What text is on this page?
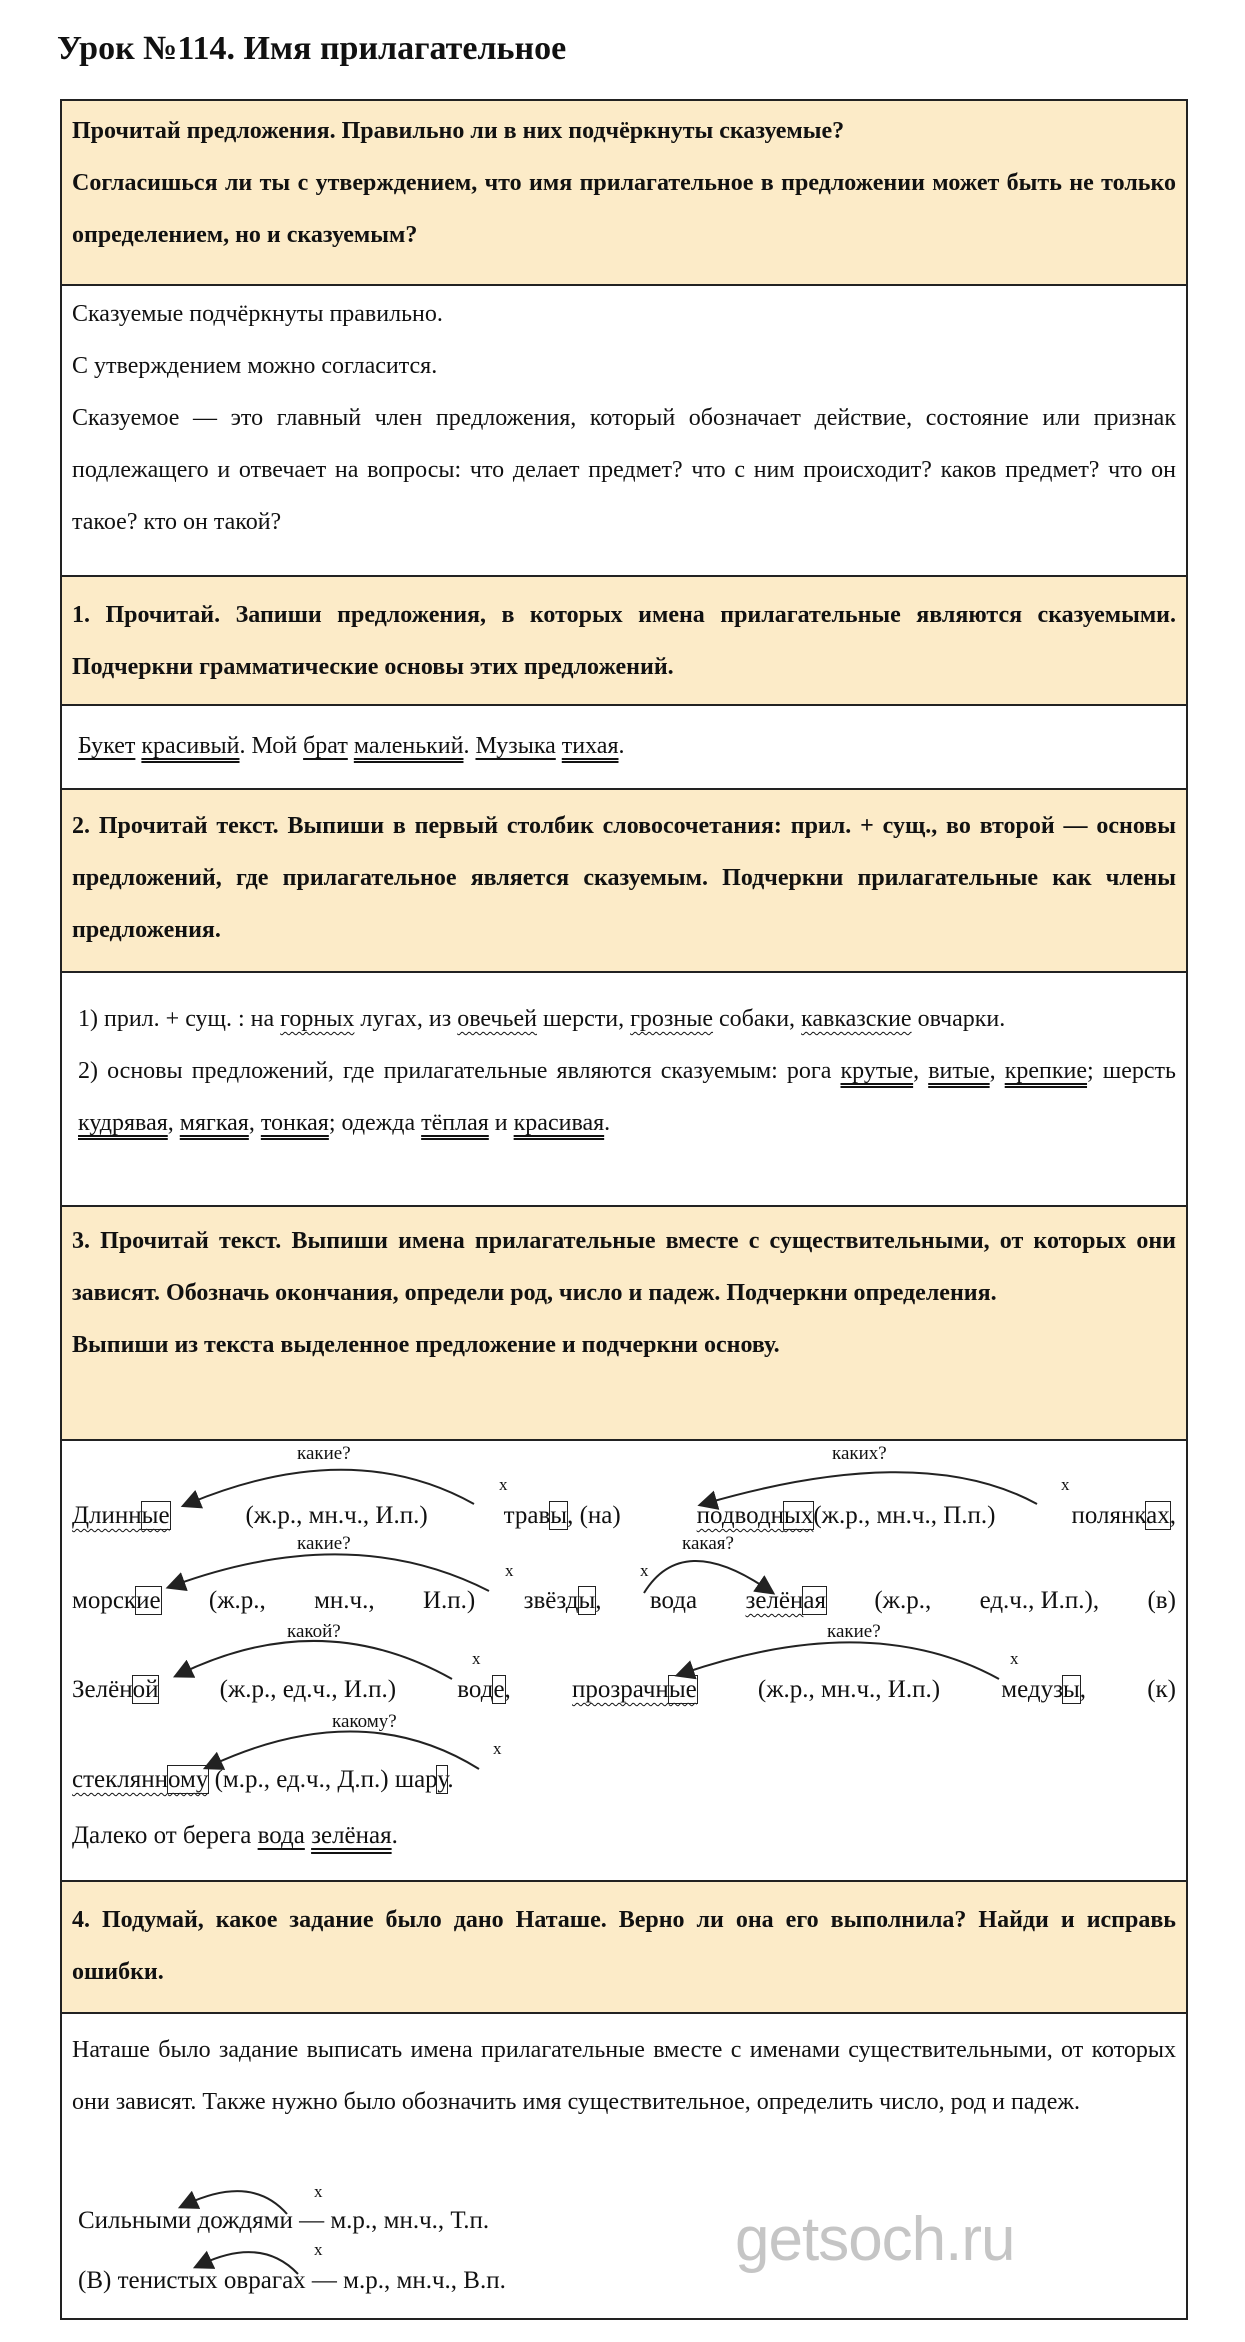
Урок №114. Имя прилагательное

Прочитай предложения. Правильно ли в них подчёркнуты сказуемые?

Согласишься ли ты с утверждением, что имя прилагательное в предложении может быть не только определением, но и сказуемым?

Сказуемые подчёркнуты правильно.

С утверждением можно согласится.

Сказуемое — это главный член предложения, который обозначает действие, состояние или признак подлежащего и отвечает на вопросы: что делает предмет? что с ним происходит? каков предмет? что он такое? кто он такой?

1. Прочитай. Запиши предложения, в которых имена прилагательные являются сказуемыми. Подчеркни грамматические основы этих предложений.

Букет красивый. Мой брат маленький. Музыка тихая.

2. Прочитай текст. Выпиши в первый столбик словосочетания: прил. + сущ., во второй — основы предложений, где прилагательное является сказуемым. Подчеркни прилагательные как члены предложения.

1) прил. + сущ. : на горных лугах, из овечьей шерсти, грозные собаки, кавказские овчарки.

2) основы предложений, где прилагательные являются сказуемым: рога крутые, витые, крепкие; шерсть кудрявая, мягкая, тонкая; одежда тёплая и красивая.

3. Прочитай текст. Выпиши имена прилагательные вместе с существительными, от которых они зависят. Обозначь окончания, определи род, число и падеж. Подчеркни определения.

Выпиши из текста выделенное предложение и подчеркни основу.

какие?	каких?
какие?	какая?
какой?	какие?
какому?
x	x
x	x
x	x
x
Длинные	(ж.р., мн.ч., И.п.)	травы, (на)	подводных(ж.р., мн.ч., П.п.)	полянках,
морские (ж.р., мн.ч., И.п.) звёзды, вода зелёная (ж.р., ед.ч., И.п.), (в)
Зелёной (ж.р., ед.ч., И.п.) воде, прозрачные (ж.р., мн.ч., И.п.) медузы, (к)
стеклянному (м.р., ед.ч., Д.п.) шару.
Далеко от берега вода зелёная.

4. Подумай, какое задание было дано Наташе. Верно ли она его выполнила? Найди и исправь ошибки.

Наташе было задание выписать имена прилагательные вместе с именами существительными, от которых они зависят. Также нужно было обозначить имя существительное, определить число, род и падеж.

x
x

Сильными дождями — м.р., мн.ч., Т.п.

(В) тенистых оврагах — м.р., мн.ч., В.п.

getsoch.ru
